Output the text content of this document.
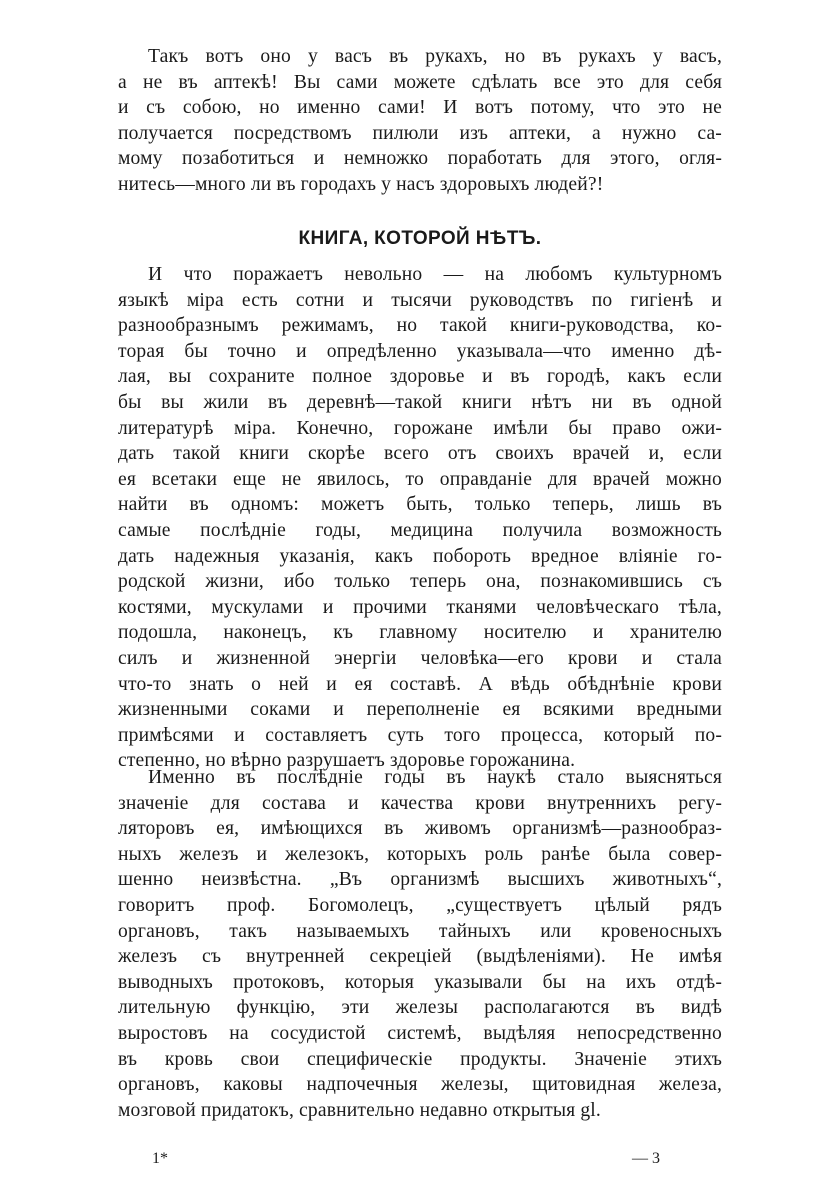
Такъ вотъ оно у васъ въ рукахъ, но въ рукахъ у васъ,
а не въ аптекѣ! Вы сами можете сдѣлать все это для себя
и съ собою, но именно сами! И вотъ потому, что это не
получается посредствомъ пилюли изъ аптеки, а нужно са-
мому позаботиться и немножко поработать для этого, огля-
нитесь—много ли въ городахъ у насъ здоровыхъ людей?!
КНИГА, КОТОРОЙ НѢТЪ.
И что поражаетъ невольно — на любомъ культурномъ
языкѣ міра есть сотни и тысячи руководствъ по гигіенѣ и
разнообразнымъ режимамъ, но такой книги-руководства, ко-
торая бы точно и опредѣленно указывала—что именно дѣ-
лая, вы сохраните полное здоровье и въ городѣ, какъ если
бы вы жили въ деревнѣ—такой книги нѣтъ ни въ одной
литературѣ міра. Конечно, горожане имѣли бы право ожи-
дать такой книги скорѣе всего отъ своихъ врачей и, если
ея всетаки еще не явилось, то оправданіе для врачей можно
найти въ одномъ: можетъ быть, только теперь, лишь въ
самые послѣдніе годы, медицина получила возможность
дать надежныя указанія, какъ побороть вредное вліяніе го-
родской жизни, ибо только теперь она, познакомившись съ
костями, мускулами и прочими тканями человѣческаго тѣла,
подошла, наконецъ, къ главному носителю и хранителю
силъ и жизненной энергіи человѣка—его крови и стала
что-то знать о ней и ея составѣ. А вѣдь обѣднѣніе крови
жизненными соками и переполненіе ея всякими вредными
примѣсями и составляетъ суть того процесса, который по-
степенно, но вѣрно разрушаетъ здоровье горожанина.
Именно въ послѣдніе годы въ наукѣ стало выясняться
значеніе для состава и качества крови внутреннихъ регу-
ляторовъ ея, имѣющихся въ живомъ организмѣ—разнообраз-
ныхъ железъ и железокъ, которыхъ роль ранѣе была совер-
шенно неизвѣстна. „Въ организмѣ высшихъ животныхъ“,
говоритъ проф. Богомолецъ, „существуетъ цѣлый рядъ
органовъ, такъ называемыхъ тайныхъ или кровеносныхъ
железъ съ внутренней секреціей (выдѣленіями). Не имѣя
выводныхъ протоковъ, которыя указывали бы на ихъ отдѣ-
лительную функцію, эти железы располагаются въ видѣ
выростовъ на сосудистой системѣ, выдѣляя непосредственно
въ кровь свои специфическіе продукты. Значеніе этихъ
органовъ, каковы надпочечныя железы, щитовидная железа,
мозговой придатокъ, сравнительно недавно открытыя gl.
1*	— 3
